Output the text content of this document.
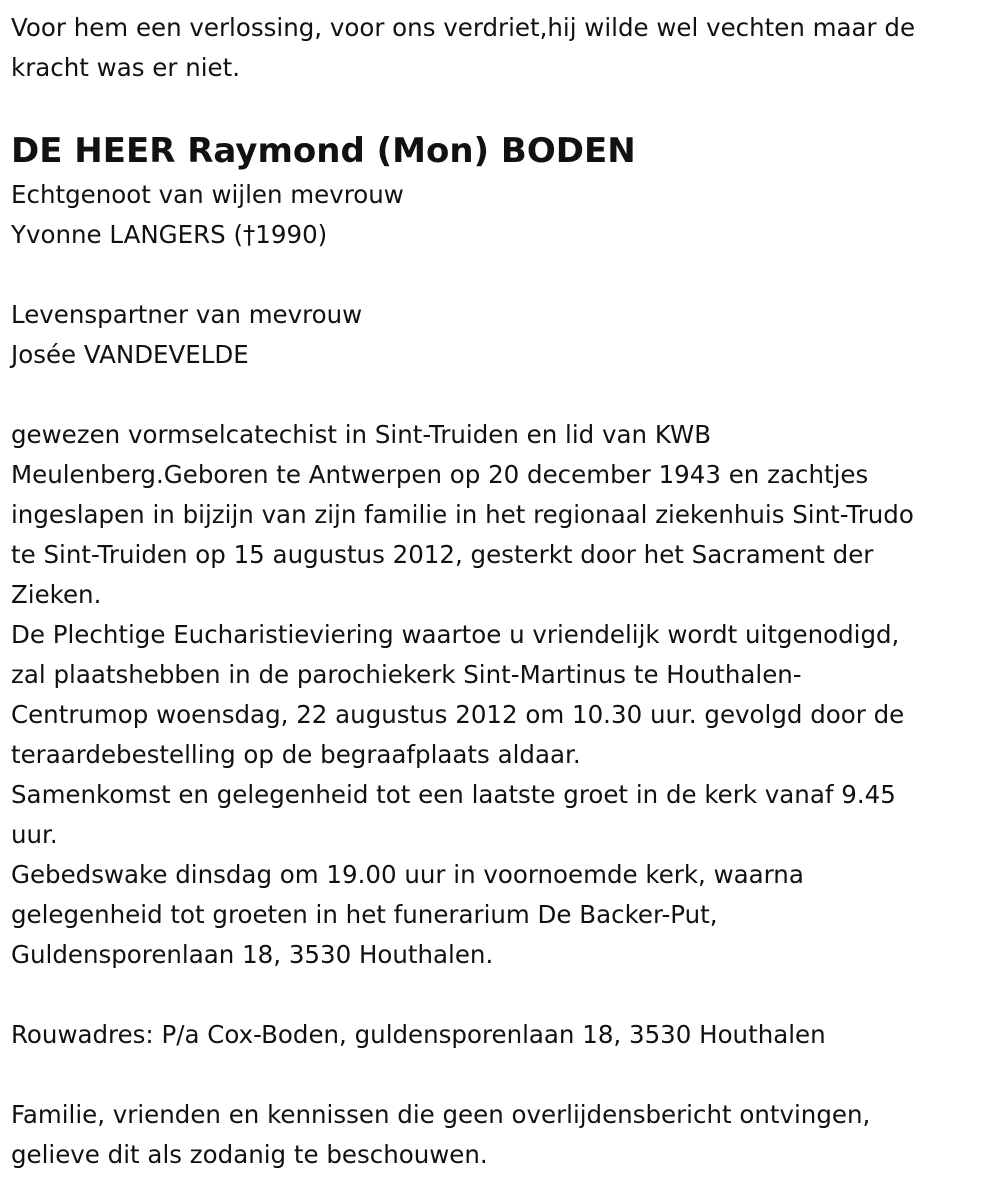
Voor hem een verlossing, voor ons verdriet,hij wilde wel vechten maar de
kracht was er niet.
DE HEER Raymond (Mon) BODEN
Echtgenoot van wijlen mevrouw
Yvonne LANGERS (†1990)
Levenspartner van mevrouw
Josée VANDEVELDE
gewezen vormselcatechist in Sint-Truiden en lid van KWB
Meulenberg.Geboren te Antwerpen op 20 december 1943 en zachtjes
ingeslapen in bijzijn van zijn familie in het regionaal ziekenhuis Sint-Trudo
te Sint-Truiden op 15 augustus 2012, gesterkt door het Sacrament der
Zieken.
De Plechtige Eucharistieviering waartoe u vriendelijk wordt uitgenodigd,
zal plaatshebben in de parochiekerk Sint-Martinus te Houthalen-
Centrumop woensdag, 22 augustus 2012 om 10.30 uur. gevolgd door de
teraardebestelling op de begraafplaats aldaar.
Samenkomst en gelegenheid tot een laatste groet in de kerk vanaf 9.45
uur.
Gebedswake dinsdag om 19.00 uur in voornoemde kerk, waarna
gelegenheid tot groeten in het funerarium De Backer-Put,
Guldensporenlaan 18, 3530 Houthalen.
Rouwadres: P/a Cox-Boden, guldensporenlaan 18, 3530 Houthalen
Familie, vrienden en kennissen die geen overlijdensbericht ontvingen,
gelieve dit als zodanig te beschouwen.
